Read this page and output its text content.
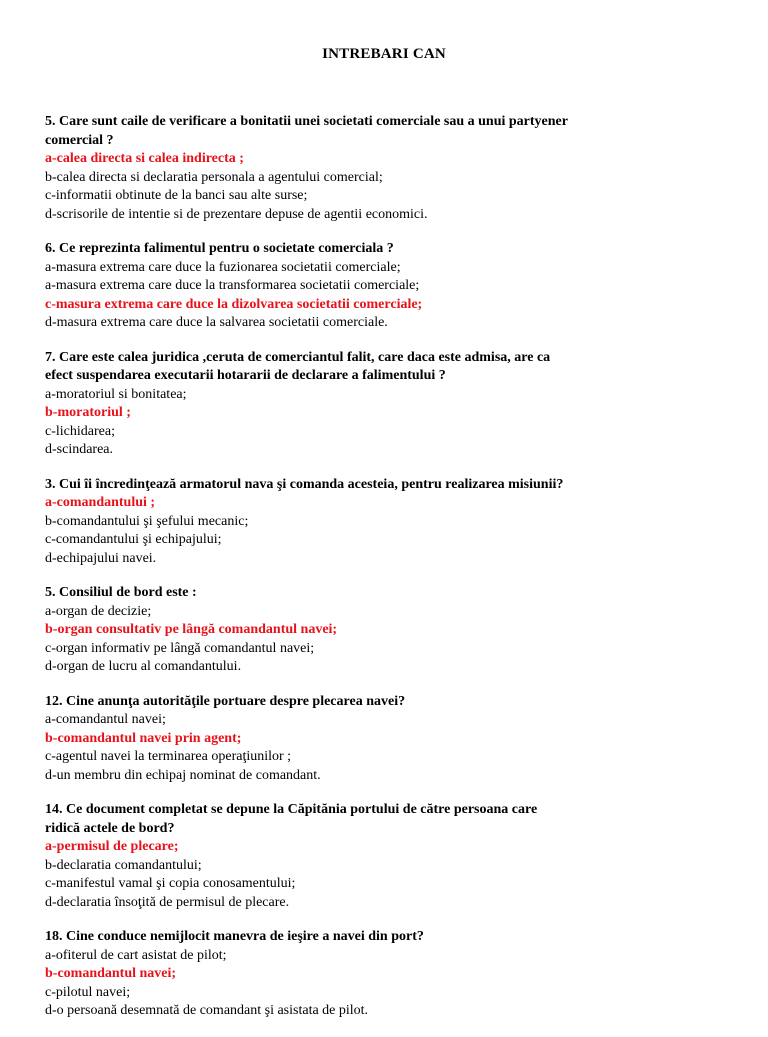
INTREBARI CAN
5. Care sunt caile de verificare a bonitatii unei societati comerciale sau a unui partyener
comercial ?
a-calea directa si calea indirecta ;
b-calea directa si declaratia personala a agentului comercial;
c-informatii obtinute de la banci sau alte surse;
d-scrisorile de intentie si de prezentare depuse de agentii economici.
6. Ce reprezinta falimentul pentru o societate comerciala ?
a-masura extrema care duce la fuzionarea societatii comerciale;
a-masura extrema care duce la transformarea societatii comerciale;
c-masura extrema care duce la dizolvarea societatii comerciale;
d-masura extrema care duce la salvarea societatii comerciale.
7. Care este calea juridica ,ceruta de comerciantul falit, care daca este admisa, are ca
efect suspendarea executarii hotararii de declarare a falimentului ?
a-moratoriul si bonitatea;
b-moratoriul ;
c-lichidarea;
d-scindarea.
3. Cui îi încredinţează armatorul nava şi comanda acesteia, pentru realizarea misiunii?
a-comandantului ;
b-comandantului şi şefului mecanic;
c-comandantului şi echipajului;
d-echipajului navei.
5. Consiliul de bord este :
a-organ de decizie;
b-organ consultativ pe lângă comandantul navei;
c-organ informativ pe lângă comandantul navei;
d-organ de lucru al comandantului.
12. Cine anunţa autorităţile portuare despre plecarea navei?
a-comandantul navei;
b-comandantul navei prin agent;
c-agentul navei la terminarea operaţiunilor ;
d-un membru din echipaj nominat de comandant.
14. Ce document completat se depune la Căpitănia portului de către persoana care
ridică actele de bord?
a-permisul de plecare;
b-declaratia comandantului;
c-manifestul vamal şi copia conosamentului;
d-declaratia însoţită de permisul de plecare.
18. Cine conduce nemijlocit manevra de ieşire a navei din port?
a-ofiterul de cart asistat de pilot;
b-comandantul navei;
c-pilotul navei;
d-o persoană desemnată de comandant şi asistata de pilot.
